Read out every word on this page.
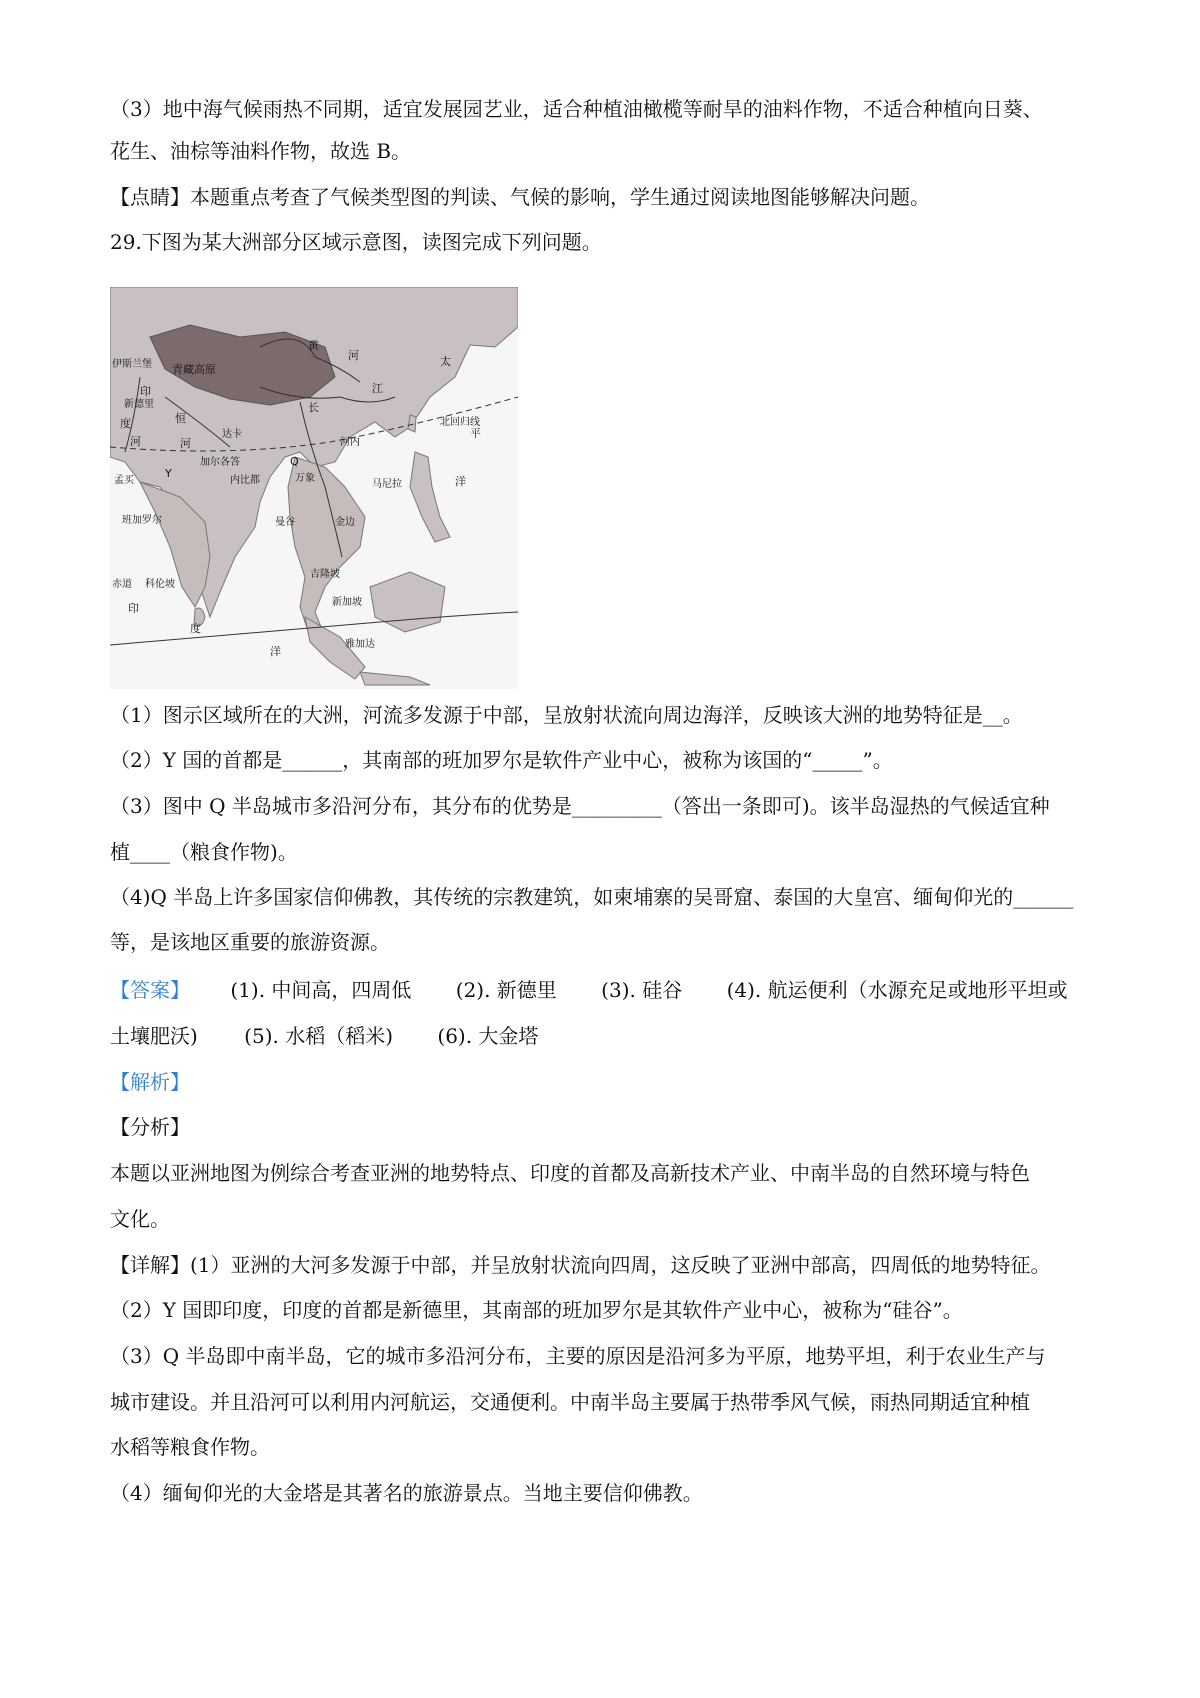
（3）地中海气候雨热不同期，适宜发展园艺业，适合种植油橄榄等耐旱的油料作物，不适合种植向日葵、
花生、油棕等油料作物，故选 B。
【点睛】本题重点考查了气候类型图的判读、气候的影响，学生通过阅读地图能够解决问题。
29.下图为某大洲部分区域示意图，读图完成下列问题。
青藏高原
黄
河
长
江
太
平
洋
北回归线
伊斯兰堡
印
度
河
新德里
恒
河
达卡
加尔各答
内比都
河内
Q
万象
马尼拉
孟买
Y
班加罗尔	曼谷	金边
赤道 科伦坡
吉隆坡
新加坡
印
度
洋
雅加达
（1）图示区域所在的大洲，河流多发源于中部，呈放射状流向周边海洋，反映该大洲的地势特征是__。
（2）Y 国的首都是______，其南部的班加罗尔是软件产业中心，被称为该国的“_____”。
（3）图中 Q 半岛城市多沿河分布，其分布的优势是_________（答出一条即可)。该半岛湿热的气候适宜种
植____（粮食作物)。
（4)Q 半岛上许多国家信仰佛教，其传统的宗教建筑，如柬埔寨的吴哥窟、泰国的大皇宫、缅甸仰光的______
等，是该地区重要的旅游资源。
【答案】 (1). 中间高，四周低 (2). 新德里 (3). 硅谷 (4). 航运便利（水源充足或地形平坦或
土壤肥沃) (5). 水稻（稻米) (6). 大金塔
【解析】
【分析】
本题以亚洲地图为例综合考查亚洲的地势特点、印度的首都及高新技术产业、中南半岛的自然环境与特色
文化。
【详解】(1）亚洲的大河多发源于中部，并呈放射状流向四周，这反映了亚洲中部高，四周低的地势特征。
（2）Y 国即印度，印度的首都是新德里，其南部的班加罗尔是其软件产业中心，被称为“硅谷”。
（3）Q 半岛即中南半岛，它的城市多沿河分布，主要的原因是沿河多为平原，地势平坦，利于农业生产与
城市建设。并且沿河可以利用内河航运，交通便利。中南半岛主要属于热带季风气候，雨热同期适宜种植
水稻等粮食作物。
（4）缅甸仰光的大金塔是其著名的旅游景点。当地主要信仰佛教。
